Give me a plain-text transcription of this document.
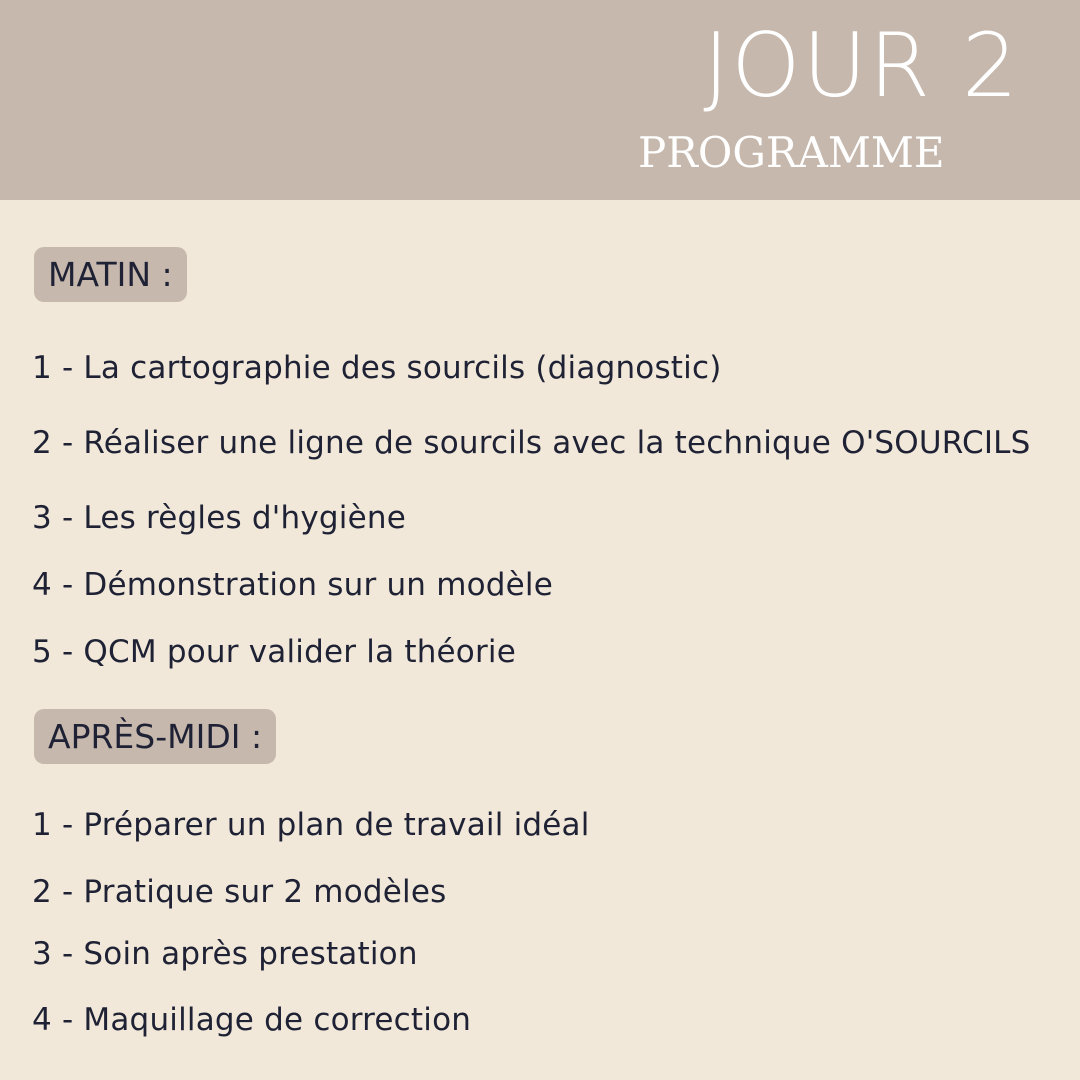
JOUR 2
PROGRAMME
MATIN :
1 - La cartographie des sourcils (diagnostic)
2 - Réaliser une ligne de sourcils avec la technique O'SOURCILS
3 - Les règles d'hygiène
4 - Démonstration sur un modèle
5 - QCM pour valider la théorie
APRÈS-MIDI :
1 - Préparer un plan de travail idéal
2 - Pratique sur 2 modèles
3 - Soin après prestation
4 - Maquillage de correction
